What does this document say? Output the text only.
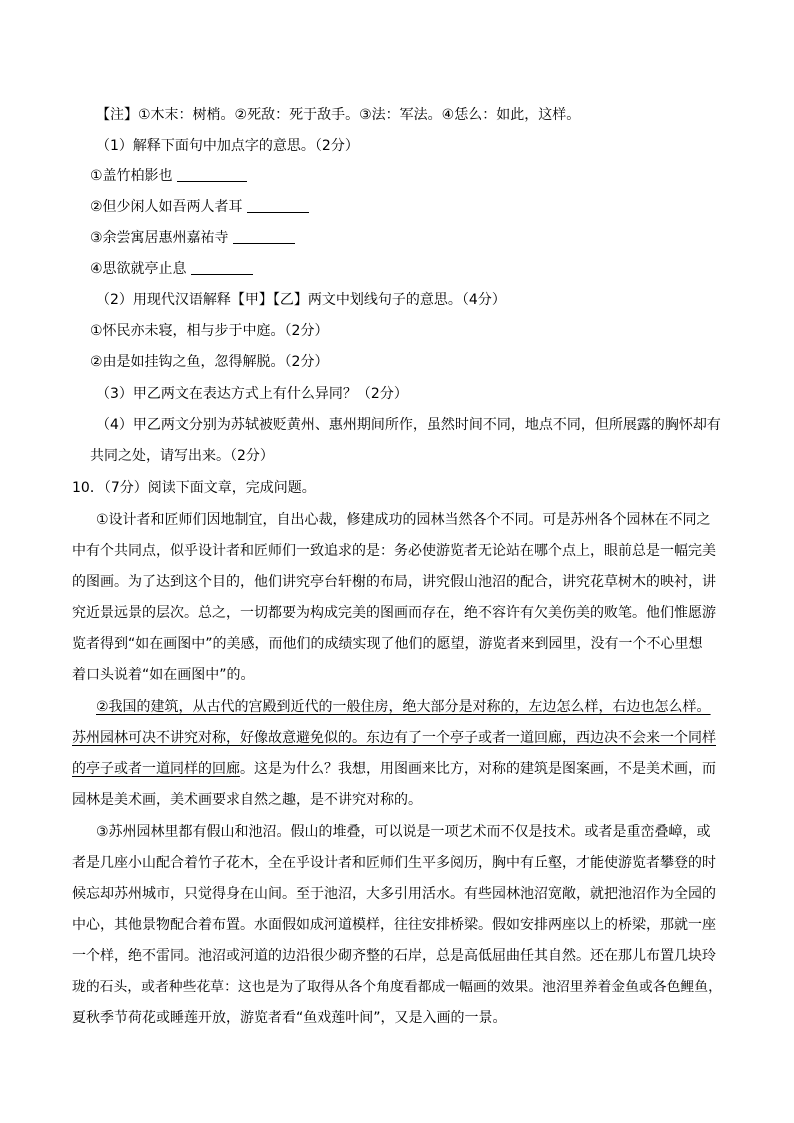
【注】①木末：树梢。②死敌：死于敌手。③法：军法。④恁么：如此，这样。
（1）解释下面句中加点字的意思。（2分）
①盖竹柏影也
②但少闲人如吾两人者耳
③余尝寓居惠州嘉祐寺
④思欲就亭止息
（2）用现代汉语解释【甲】【乙】两文中划线句子的意思。（4分）
①怀民亦未寝，相与步于中庭。（2分）
②由是如挂钩之鱼，忽得解脱。（2分）
（3）甲乙两文在表达方式上有什么异同？（2分）
（4）甲乙两文分别为苏轼被贬黄州、惠州期间所作，虽然时间不同，地点不同，但所展露的胸怀却有
共同之处，请写出来。（2分）
10．（7分）阅读下面文章，完成问题。
①设计者和匠师们因地制宜，自出心裁，修建成功的园林当然各个不同。可是苏州各个园林在不同之
中有个共同点，似乎设计者和匠师们一致追求的是：务必使游览者无论站在哪个点上，眼前总是一幅完美
的图画。为了达到这个目的，他们讲究亭台轩榭的布局，讲究假山池沼的配合，讲究花草树木的映衬，讲
究近景远景的层次。总之，一切都要为构成完美的图画而存在，绝不容许有欠美伤美的败笔。他们惟愿游
览者得到“如在画图中”的美感，而他们的成绩实现了他们的愿望，游览者来到园里，没有一个不心里想
着口头说着“如在画图中”的。
②我国的建筑，从古代的宫殿到近代的一般住房，绝大部分是对称的，左边怎么样，右边也怎么样。
苏州园林可决不讲究对称，好像故意避免似的。东边有了一个亭子或者一道回廊，西边决不会来一个同样
的亭子或者一道同样的回廊。这是为什么？我想，用图画来比方，对称的建筑是图案画，不是美术画，而
园林是美术画，美术画要求自然之趣，是不讲究对称的。
③苏州园林里都有假山和池沼。假山的堆叠，可以说是一项艺术而不仅是技术。或者是重峦叠嶂，或
者是几座小山配合着竹子花木，全在乎设计者和匠师们生平多阅历，胸中有丘壑，才能使游览者攀登的时
候忘却苏州城市，只觉得身在山间。至于池沼，大多引用活水。有些园林池沼宽敞，就把池沼作为全园的
中心，其他景物配合着布置。水面假如成河道模样，往往安排桥梁。假如安排两座以上的桥梁，那就一座
一个样，绝不雷同。池沼或河道的边沿很少砌齐整的石岸，总是高低屈曲任其自然。还在那儿布置几块玲
珑的石头，或者种些花草：这也是为了取得从各个角度看都成一幅画的效果。池沼里养着金鱼或各色鲤鱼，
夏秋季节荷花或睡莲开放，游览者看“鱼戏莲叶间”，又是入画的一景。
